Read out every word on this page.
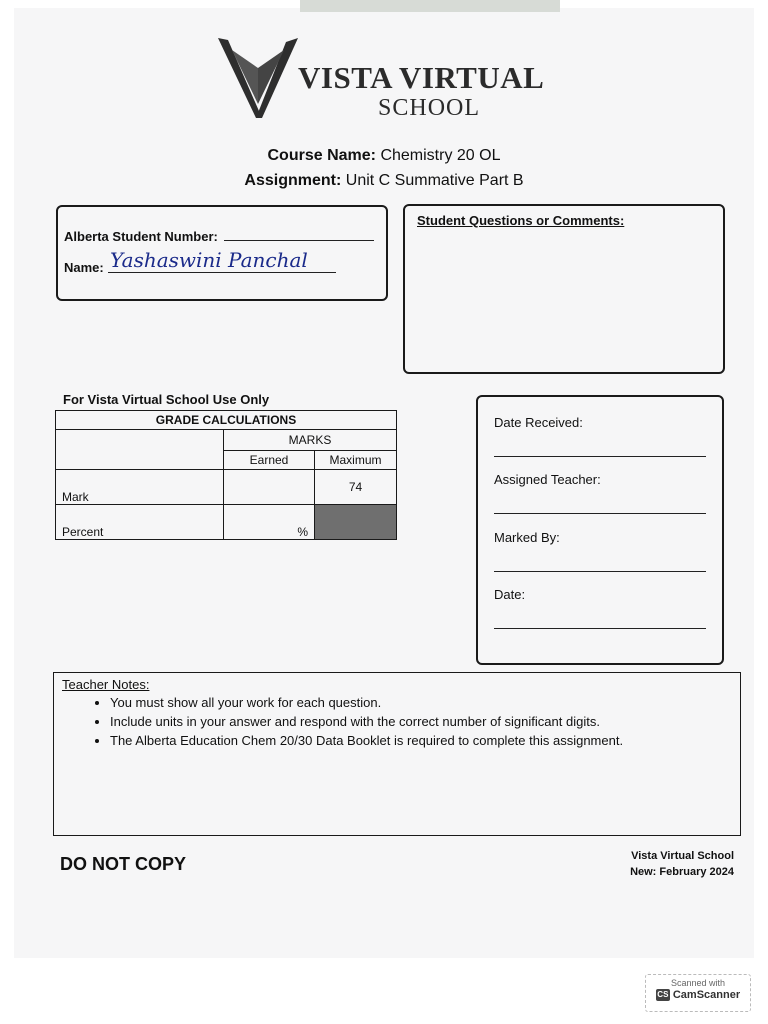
VISTA VIRTUAL
SCHOOL
Course Name: Chemistry 20 OL
Assignment: Unit C Summative Part B
Alberta Student Number:
Name: Yashaswini Panchal
Student Questions or Comments:
For Vista Virtual School Use Only
GRADE CALCULATIONS		
	MARKS	
	Earned	Maximum
Mark		74
Percent	%	
Date Received:
Assigned Teacher:
Marked By:
Date:
Teacher Notes:
• You must show all your work for each question.
• Include units in your answer and respond with the correct number of significant digits.
• The Alberta Education Chem 20/30 Data Booklet is required to complete this assignment.
DO NOT COPY	Vista Virtual School
New: February 2024
Scanned with
CS CamScanner
